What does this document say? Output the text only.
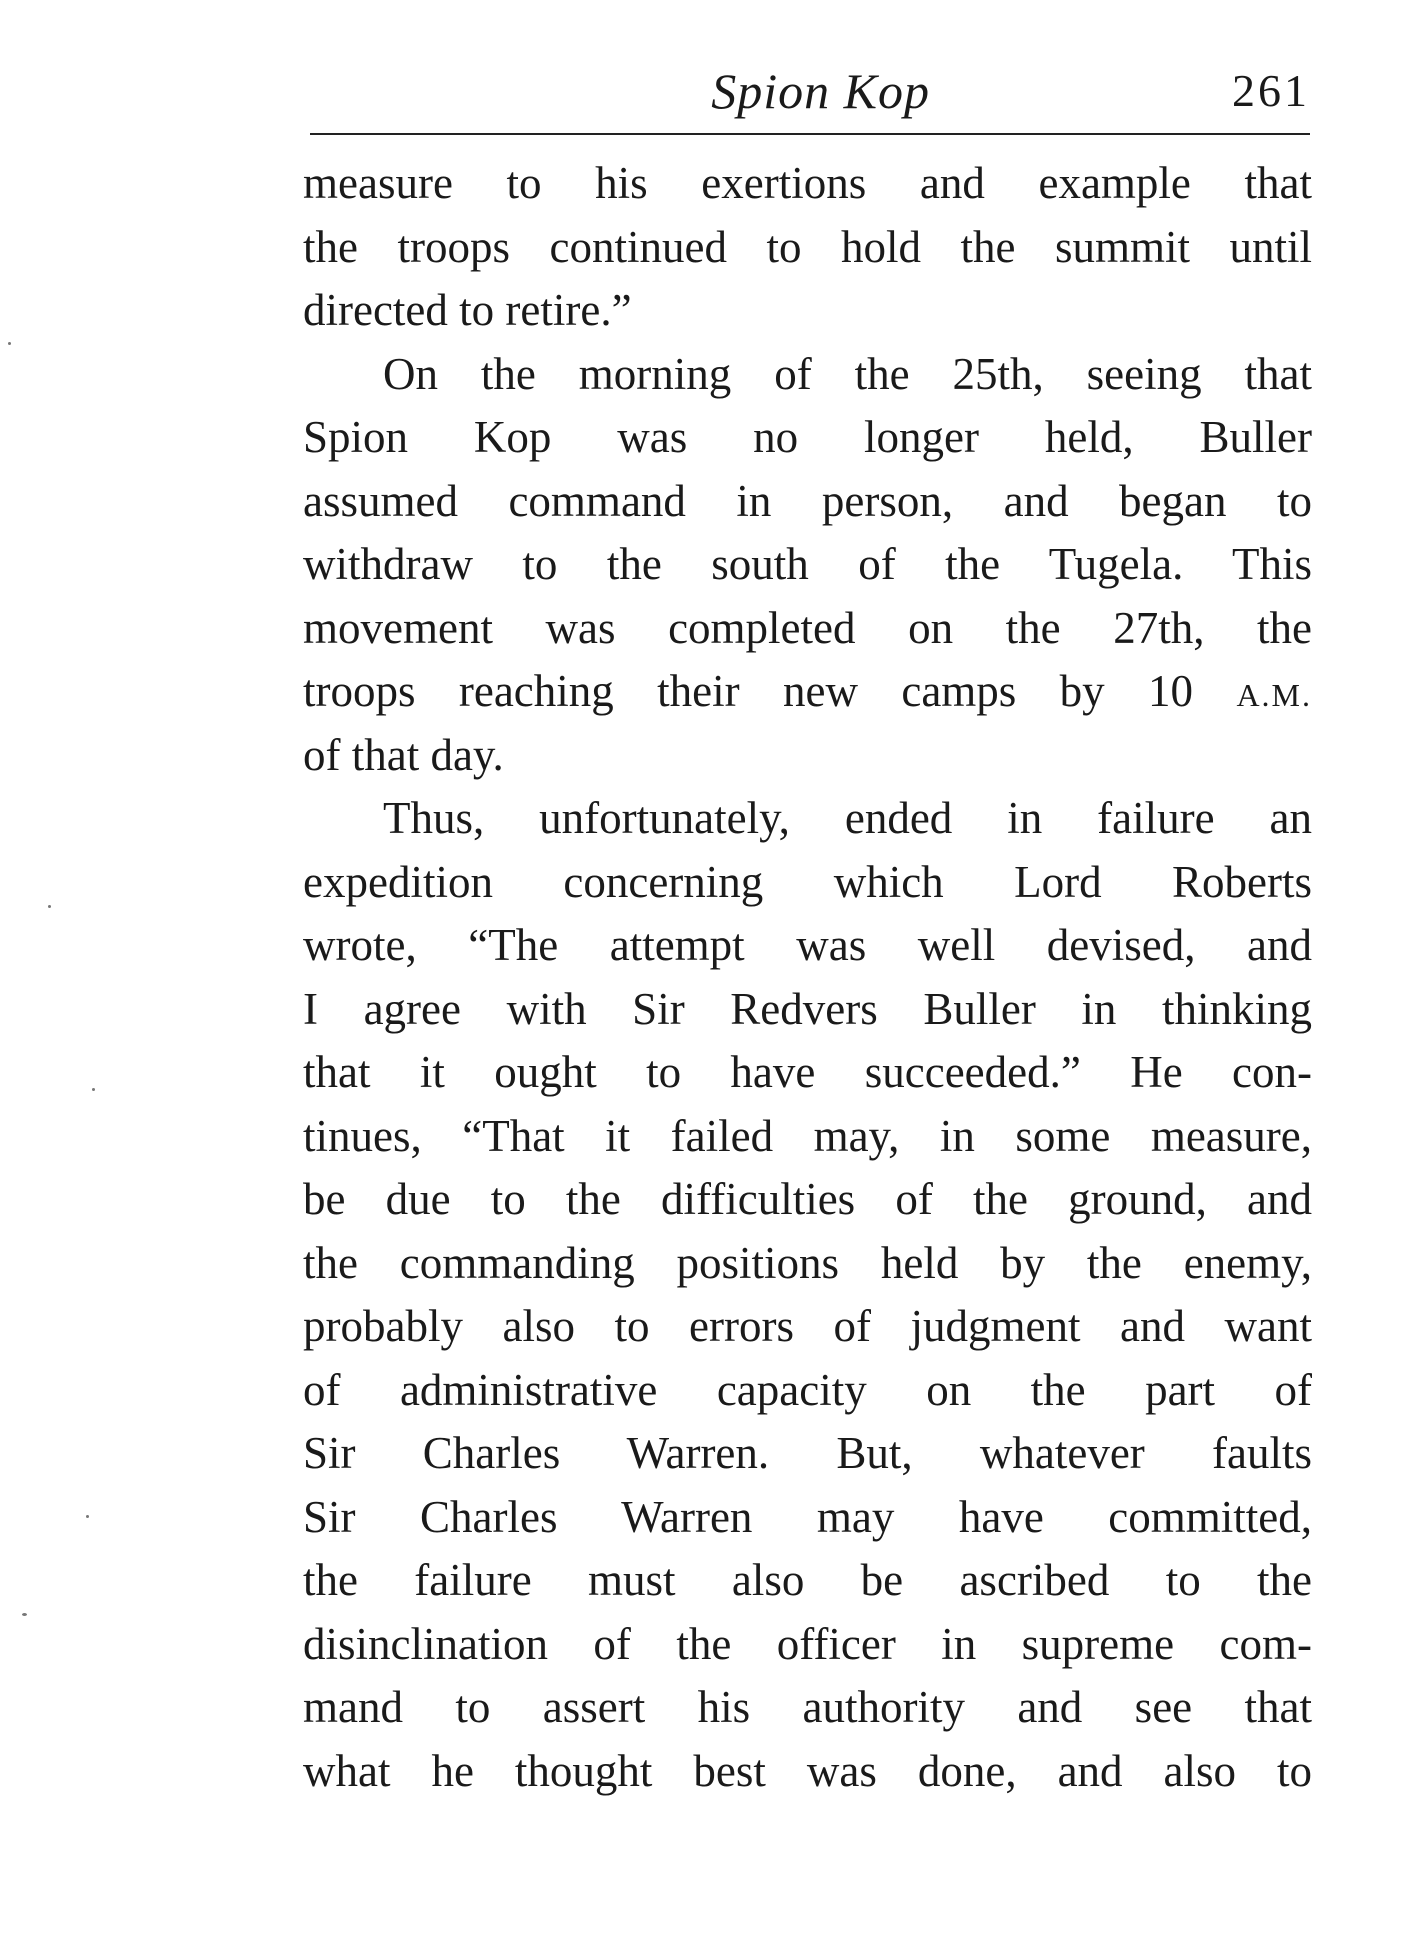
Spion Kop	261
measure to his exertions and example that
the troops continued to hold the summit until
directed to retire.”
On the morning of the 25th, seeing that
Spion Kop was no longer held, Buller
assumed command in person, and began to
withdraw to the south of the Tugela. This
movement was completed on the 27th, the
troops reaching their new camps by 10 A.M.
of that day.
Thus, unfortunately, ended in failure an
expedition concerning which Lord Roberts
wrote, “The attempt was well devised, and
I agree with Sir Redvers Buller in thinking
that it ought to have succeeded.” He con-
tinues, “That it failed may, in some measure,
be due to the difficulties of the ground, and
the commanding positions held by the enemy,
probably also to errors of judgment and want
of administrative capacity on the part of
Sir Charles Warren. But, whatever faults
Sir Charles Warren may have committed,
the failure must also be ascribed to the
disinclination of the officer in supreme com-
mand to assert his authority and see that
what he thought best was done, and also to
